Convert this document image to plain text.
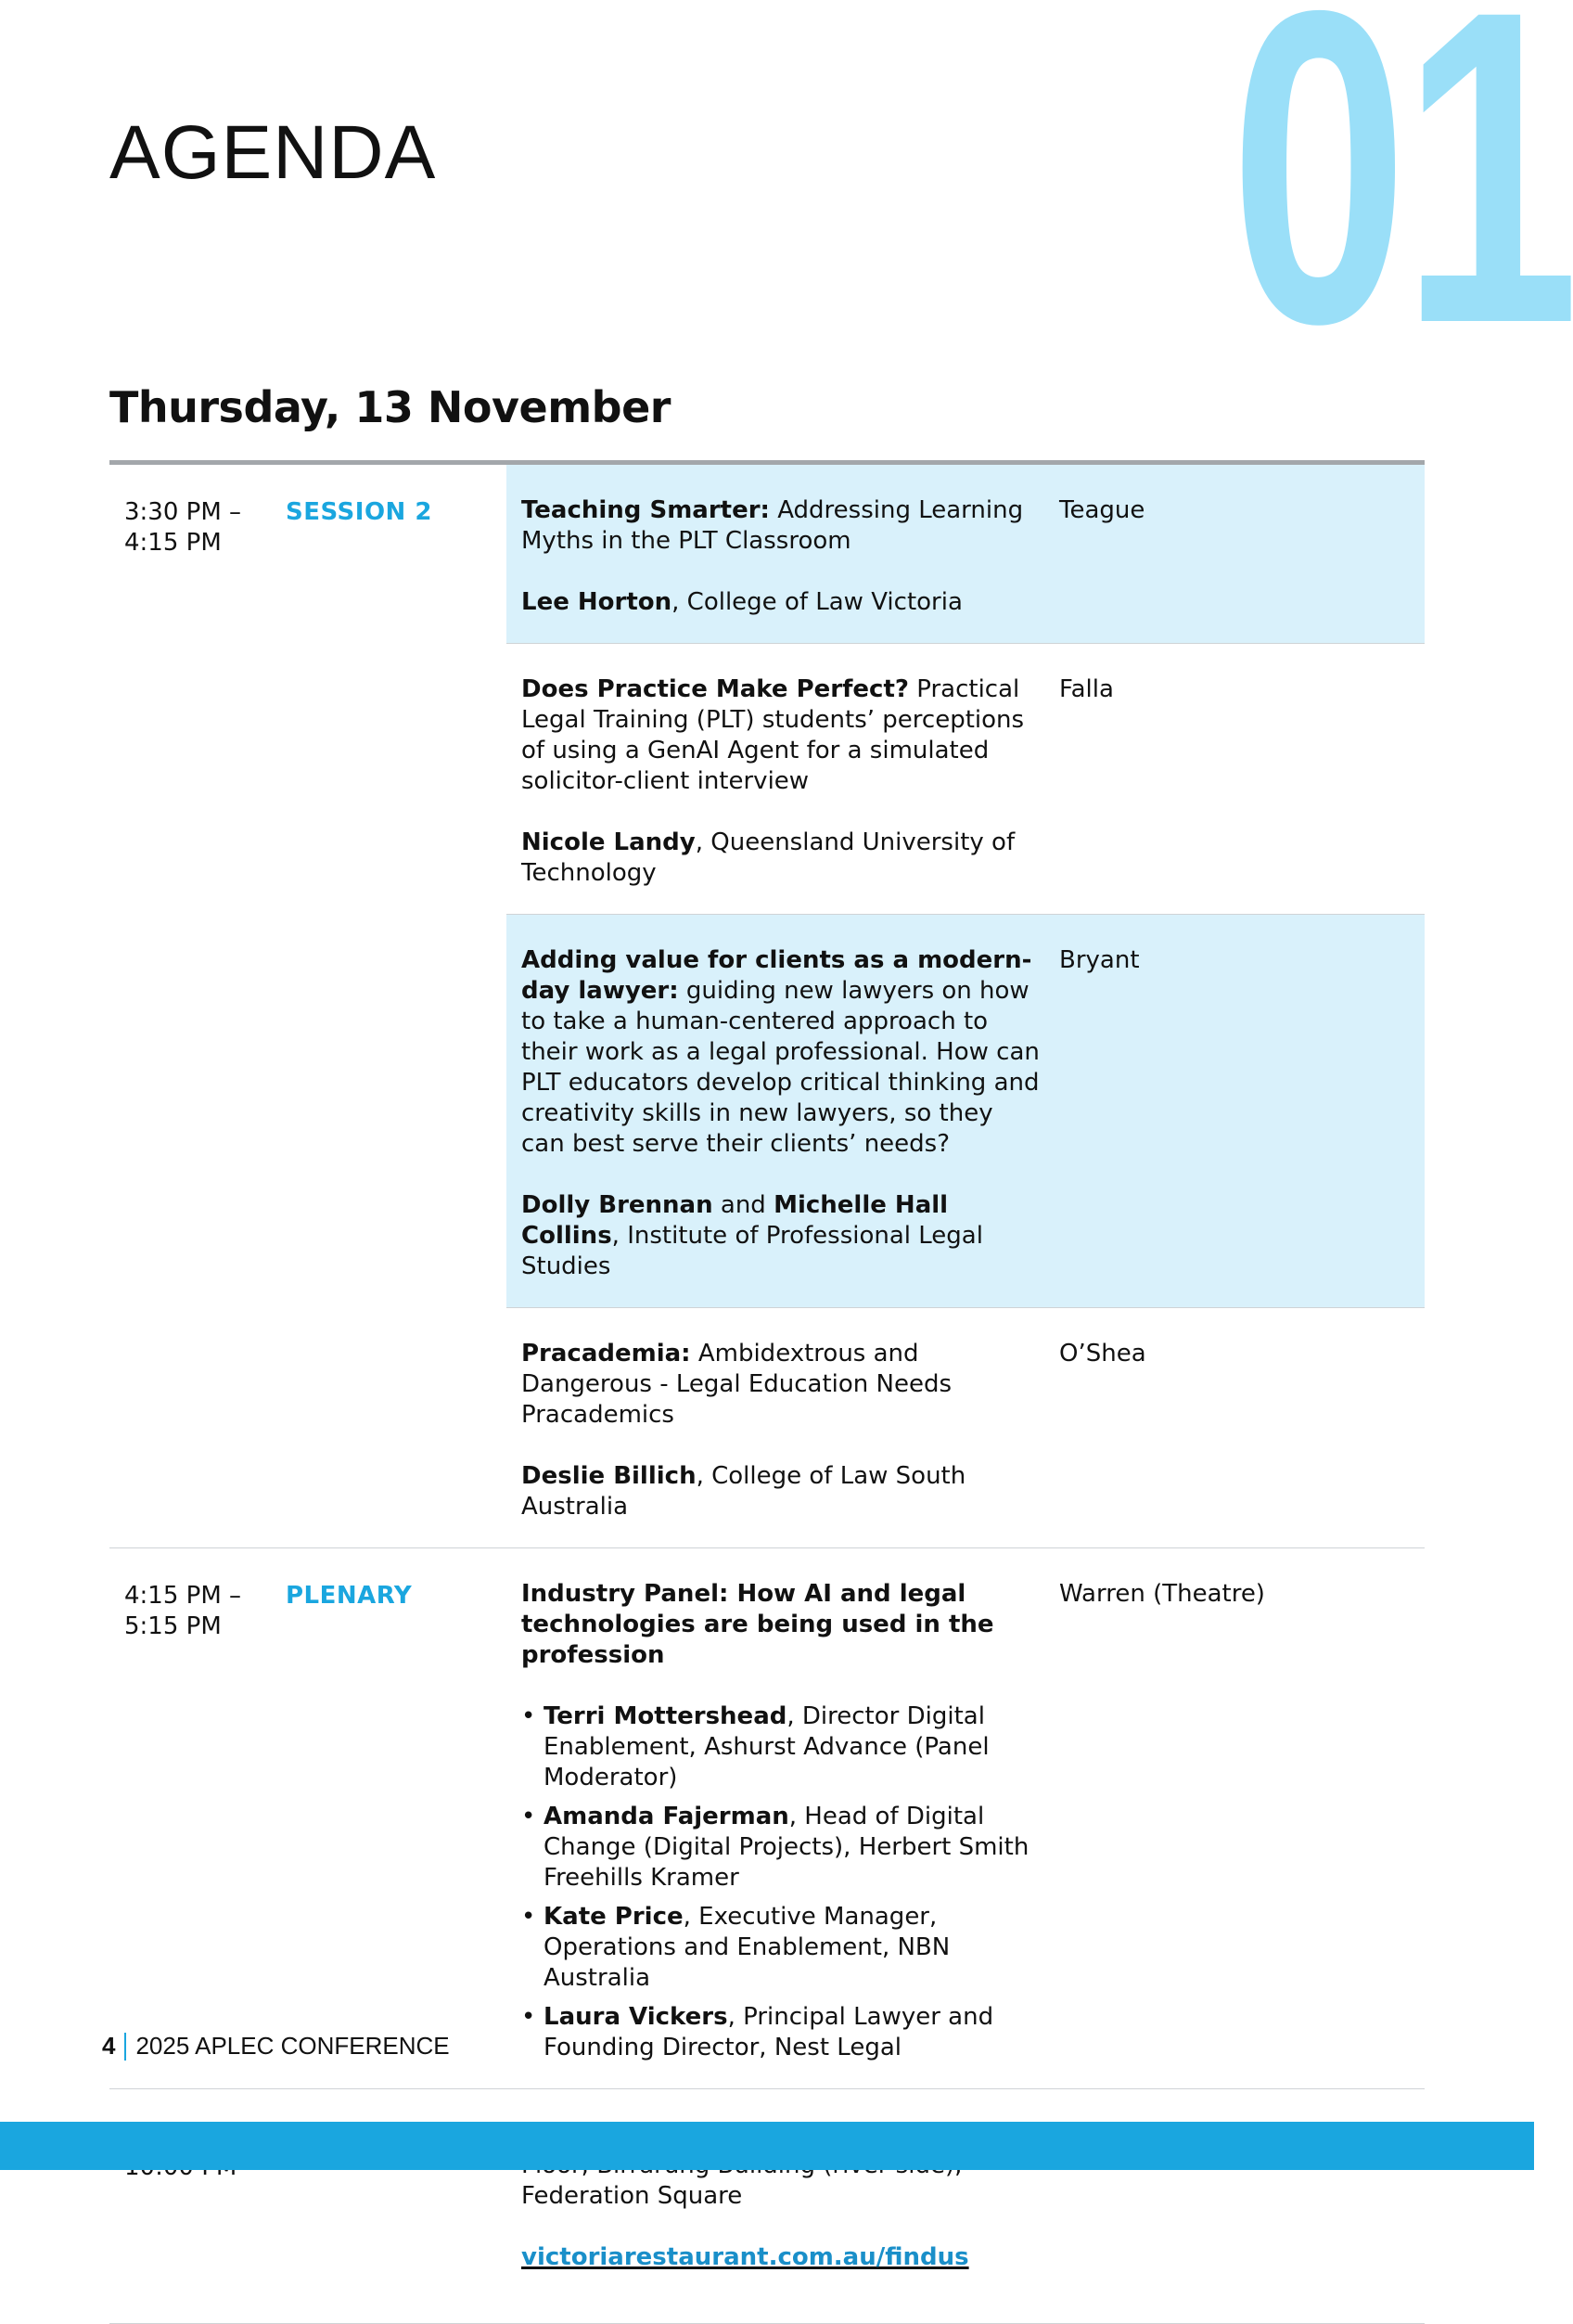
01
AGENDA
Thursday, 13 November
3:30 PM – 4:15 PM
SESSION 2	Teaching Smarter: Addressing Learning Myths in the PLT Classroom

Lee Horton, College of Law Victoria

Teague

Does Practice Make Perfect? Practical Legal Training (PLT) students’ perceptions of using a GenAI Agent for a simulated solicitor-client interview

Nicole Landy, Queensland University of Technology

Falla

Adding value for clients as a modern-day lawyer: guiding new lawyers on how to take a human-centered approach to their work as a legal professional. How can PLT educators develop critical thinking and creativity skills in new lawyers, so they can best serve their clients’ needs?

Dolly Brennan and Michelle Hall Collins, Institute of Professional Legal Studies

Bryant

Pracademia: Ambidextrous and Dangerous - Legal Education Needs Pracademics

Deslie Billich, College of Law South Australia

O’Shea
4:15 PM – 5:15 PM
PLENARY	Industry Panel: How AI and legal technologies are being used in the profession

• Terri Mottershead, Director Digital Enablement, Ashurst Advance (Panel Moderator)
• Amanda Fajerman, Head of Digital Change (Digital Projects), Herbert Smith Freehills Kramer
• Kate Price, Executive Manager, Operations and Enablement, NBN Australia
• Laura Vickers, Principal Lawyer and Founding Director, Nest Legal
Warren (Theatre)

Federation Square

victoriarestaurant.com.au/findus

4 2025 APLEC CONFERENCE
